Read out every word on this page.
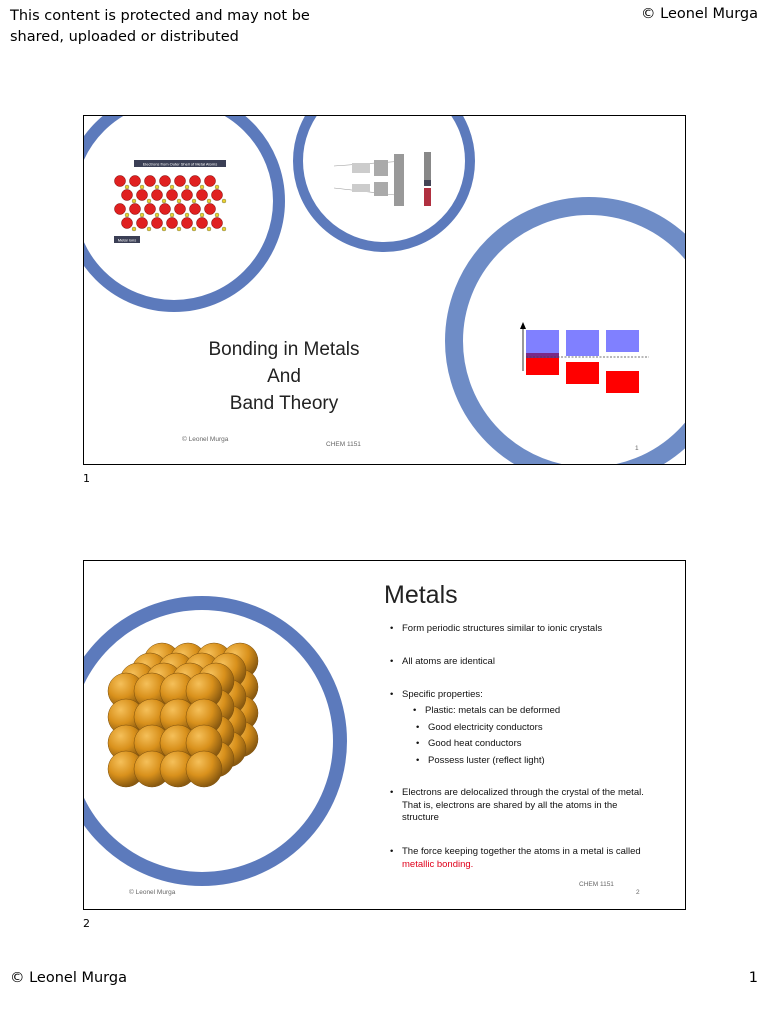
This content is protected and may not be
shared, uploaded or distributed
© Leonel Murga
Electrons from Outer Shell of Metal Atoms
Metal Ions
Bonding in Metals
And
Band Theory
© Leonel Murga
CHEM 1151
1
1
Metals
• Form periodic structures similar to ionic crystals
• All atoms are identical
• Specific properties:
• Plastic: metals can be deformed
• Good electricity conductors
• Good heat conductors
• Possess luster (reflect light)
• Electrons are delocalized through the crystal of the metal.
That is, electrons are shared by all the atoms in the
structure
• The force keeping together the atoms in a metal is called
metallic bonding.
© Leonel Murga
CHEM 1151
2
2
© Leonel Murga	1
